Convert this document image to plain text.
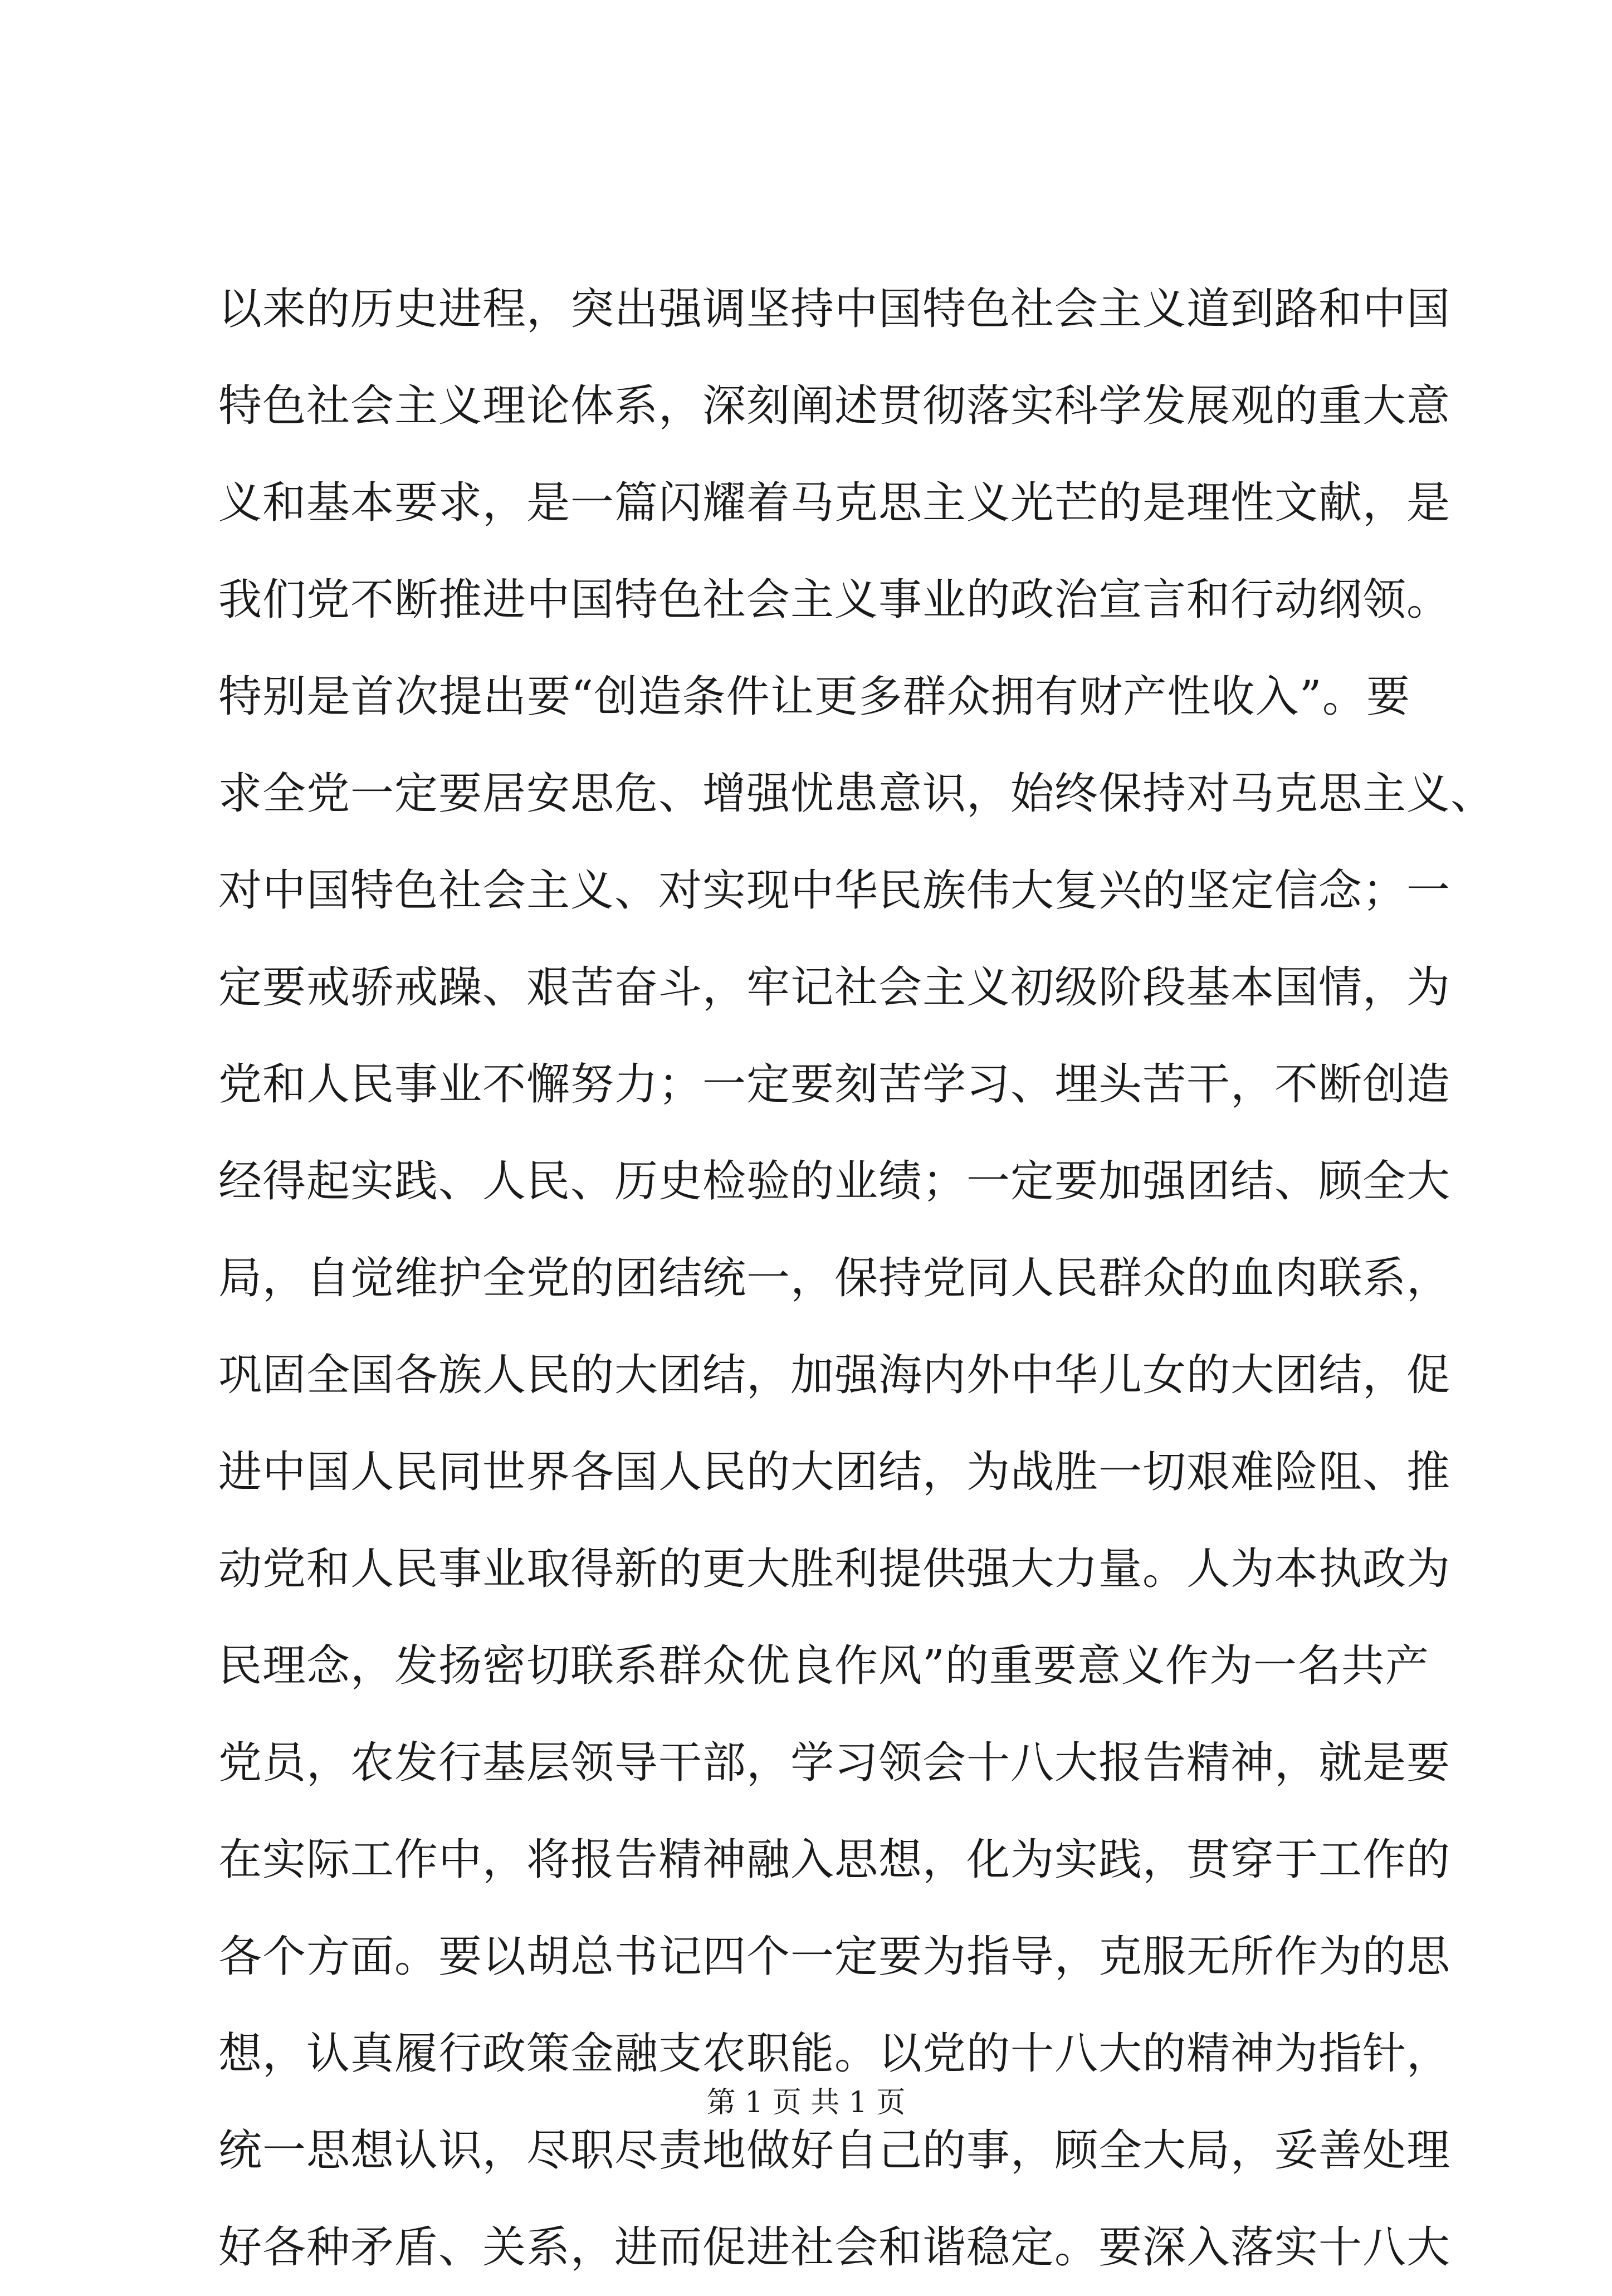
以来的历史进程，突出强调坚持中国特色社会主义道到路和中国
特色社会主义理论体系，深刻阐述贯彻落实科学发展观的重大意
义和基本要求，是一篇闪耀着马克思主义光芒的是理性文献，是
我们党不断推进中国特色社会主义事业的政治宣言和行动纲领。
特别是首次提出要“创造条件让更多群众拥有财产性收入”。要
求全党一定要居安思危、增强忧患意识，始终保持对马克思主义、
对中国特色社会主义、对实现中华民族伟大复兴的坚定信念；一
定要戒骄戒躁、艰苦奋斗，牢记社会主义初级阶段基本国情，为
党和人民事业不懈努力；一定要刻苦学习、埋头苦干，不断创造
经得起实践、人民、历史检验的业绩；一定要加强团结、顾全大
局，自觉维护全党的团结统一，保持党同人民群众的血肉联系，
巩固全国各族人民的大团结，加强海内外中华儿女的大团结，促
进中国人民同世界各国人民的大团结，为战胜一切艰难险阻、推
动党和人民事业取得新的更大胜利提供强大力量。人为本执政为
民理念，发扬密切联系群众优良作风”的重要意义作为一名共产
党员，农发行基层领导干部，学习领会十八大报告精神，就是要
在实际工作中，将报告精神融入思想，化为实践，贯穿于工作的
各个方面。要以胡总书记四个一定要为指导，克服无所作为的思
想，认真履行政策金融支农职能。以党的十八大的精神为指针，
统一思想认识，尽职尽责地做好自己的事，顾全大局，妥善处理
好各种矛盾、关系，进而促进社会和谐稳定。要深入落实十八大
第 1 页 共 1 页
